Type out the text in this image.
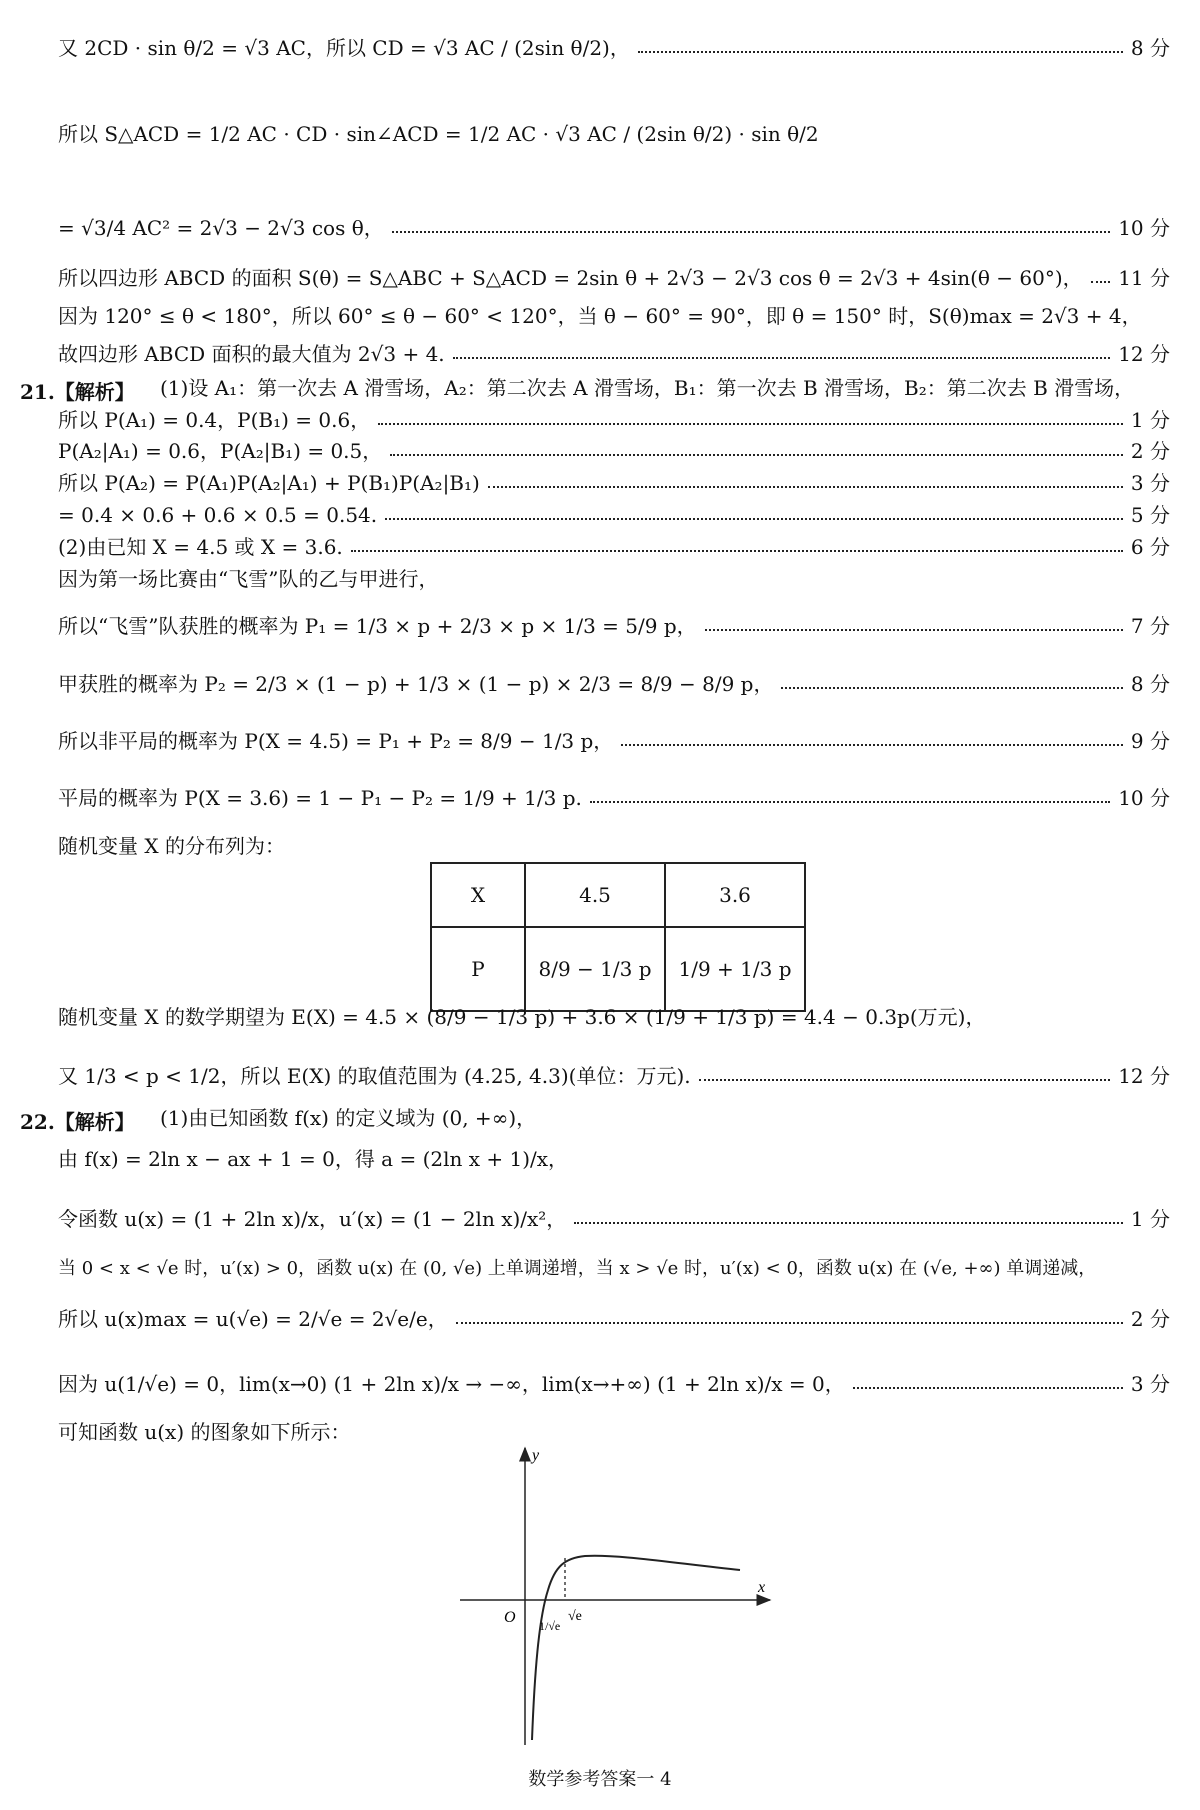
又 2CD · sin θ/2 = √3 AC，所以 CD = √3 AC / (2sin θ/2)，	8 分
所以 S△ACD = 1/2 AC · CD · sin∠ACD = 1/2 AC · √3 AC / (2sin θ/2) · sin θ/2
= √3/4 AC² = 2√3 − 2√3 cos θ，	10 分
所以四边形 ABCD 的面积 S(θ) = S△ABC + S△ACD = 2sin θ + 2√3 − 2√3 cos θ = 2√3 + 4sin(θ − 60°)， 11 分
因为 120° ≤ θ < 180°，所以 60° ≤ θ − 60° < 120°，当 θ − 60° = 90°，即 θ = 150° 时，S(θ)max = 2√3 + 4，
故四边形 ABCD 面积的最大值为 2√3 + 4.	12 分
21.【解析】 (1)设 A₁：第一次去 A 滑雪场，A₂：第二次去 A 滑雪场，B₁：第一次去 B 滑雪场，B₂：第二次去 B 滑雪场，
所以 P(A₁) = 0.4，P(B₁) = 0.6，	1 分
P(A₂|A₁) = 0.6，P(A₂|B₁) = 0.5，	2 分
所以 P(A₂) = P(A₁)P(A₂|A₁) + P(B₁)P(A₂|B₁)	3 分
= 0.4 × 0.6 + 0.6 × 0.5 = 0.54.	5 分
(2)由已知 X = 4.5 或 X = 3.6.	6 分
因为第一场比赛由“飞雪”队的乙与甲进行，
所以“飞雪”队获胜的概率为 P₁ = 1/3 × p + 2/3 × p × 1/3 = 5/9 p，	7 分
甲获胜的概率为 P₂ = 2/3 × (1 − p) + 1/3 × (1 − p) × 2/3 = 8/9 − 8/9 p，	8 分
所以非平局的概率为 P(X = 4.5) = P₁ + P₂ = 8/9 − 1/3 p，	9 分
平局的概率为 P(X = 3.6) = 1 − P₁ − P₂ = 1/9 + 1/3 p.	10 分
随机变量 X 的分布列为：
X	4.5	3.6
P	8/9 − 1/3 p	1/9 + 1/3 p
随机变量 X 的数学期望为 E(X) = 4.5 × (8/9 − 1/3 p) + 3.6 × (1/9 + 1/3 p) = 4.4 − 0.3p(万元)，
又 1/3 < p < 1/2，所以 E(X) 的取值范围为 (4.25, 4.3)(单位：万元).	12 分
22.【解析】 (1)由已知函数 f(x) 的定义域为 (0, +∞)，
由 f(x) = 2ln x − ax + 1 = 0，得 a = (2ln x + 1)/x，
令函数 u(x) = (1 + 2ln x)/x，u′(x) = (1 − 2ln x)/x²，	1 分
当 0 < x < √e 时，u′(x) > 0，函数 u(x) 在 (0, √e) 上单调递增，当 x > √e 时，u′(x) < 0，函数 u(x) 在 (√e, +∞) 单调递减，
所以 u(x)max = u(√e) = 2/√e = 2√e/e，	2 分
因为 u(1/√e) = 0，lim(x→0) (1 + 2ln x)/x → −∞，lim(x→+∞) (1 + 2ln x)/x = 0，	3 分
可知函数 u(x) 的图象如下所示：
y
x
O 1/√e
√e
数学参考答案一 4
